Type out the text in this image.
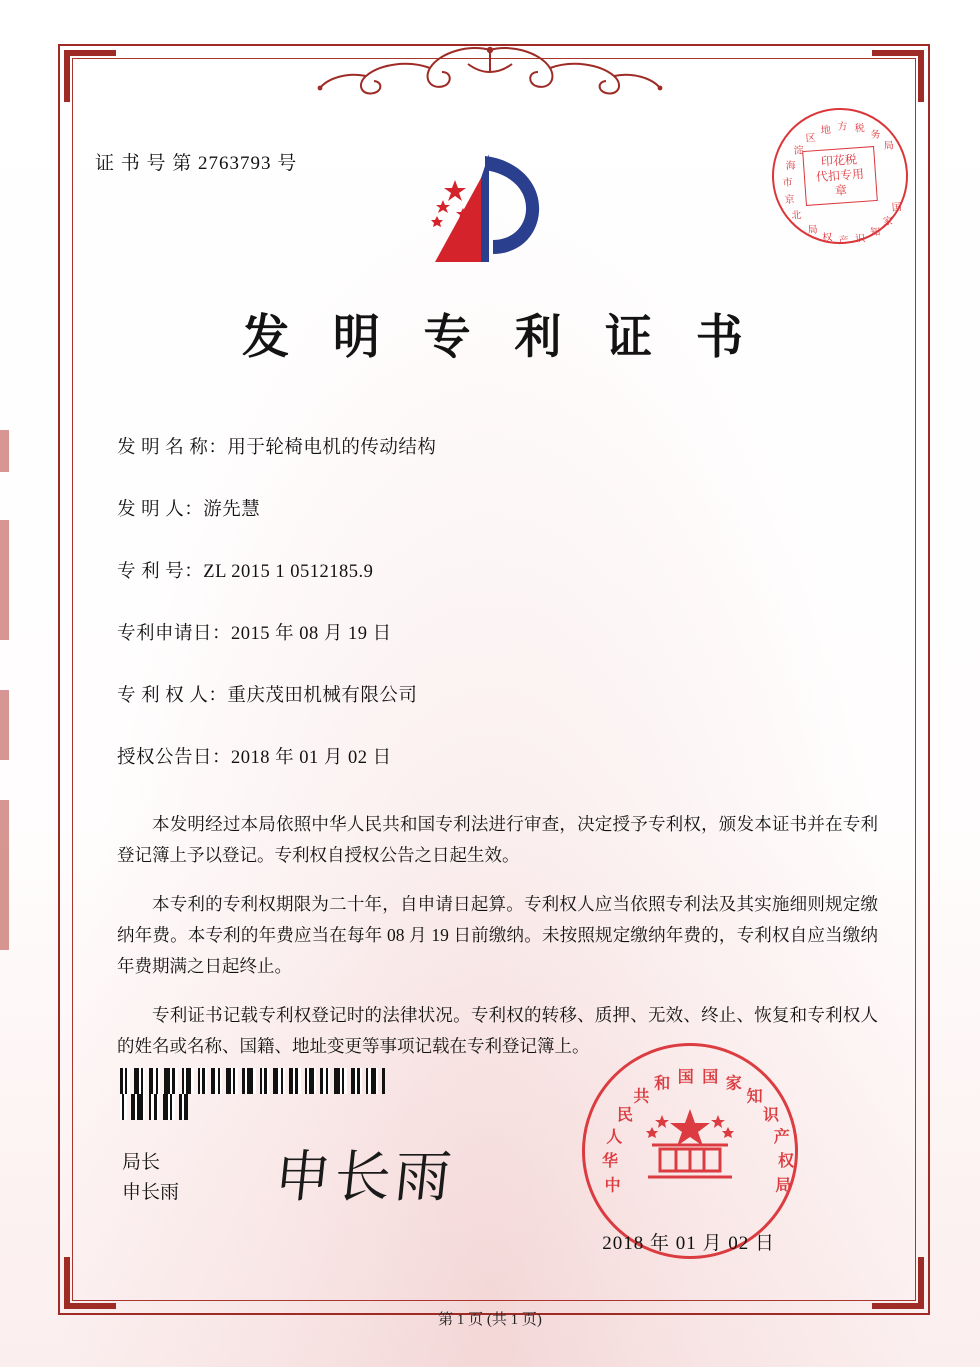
证 书 号 第 2763793 号
北
京
市
海
淀
区
地 方 税
务
局
国
家
知
识
产
权
局
印花税
代扣专用章
发 明 专 利 证 书
发 明 名 称：用于轮椅电机的传动结构
发 明 人：游先慧
专 利 号：ZL 2015 1 0512185.9
专利申请日：2015 年 08 月 19 日
专 利 权 人：重庆茂田机械有限公司
授权公告日：2018 年 01 月 02 日

本发明经过本局依照中华人民共和国专利法进行审查，决定授予专利权，颁发本证书并在专利登记簿上予以登记。专利权自授权公告之日起生效。

本专利的专利权期限为二十年，自申请日起算。专利权人应当依照专利法及其实施细则规定缴纳年费。本专利的年费应当在每年 08 月 19 日前缴纳。未按照规定缴纳年费的，专利权自应当缴纳年费期满之日起终止。

专利证书记载专利权登记时的法律状况。专利权的转移、质押、无效、终止、恢复和专利权人的姓名或名称、国籍、地址变更等事项记载在专利登记簿上。

局长
申长雨 申长雨	中
华
人
民
共
和 国 国 家
知
识
产
权
局
2018 年 01 月 02 日
第 1 页 (共 1 页)
